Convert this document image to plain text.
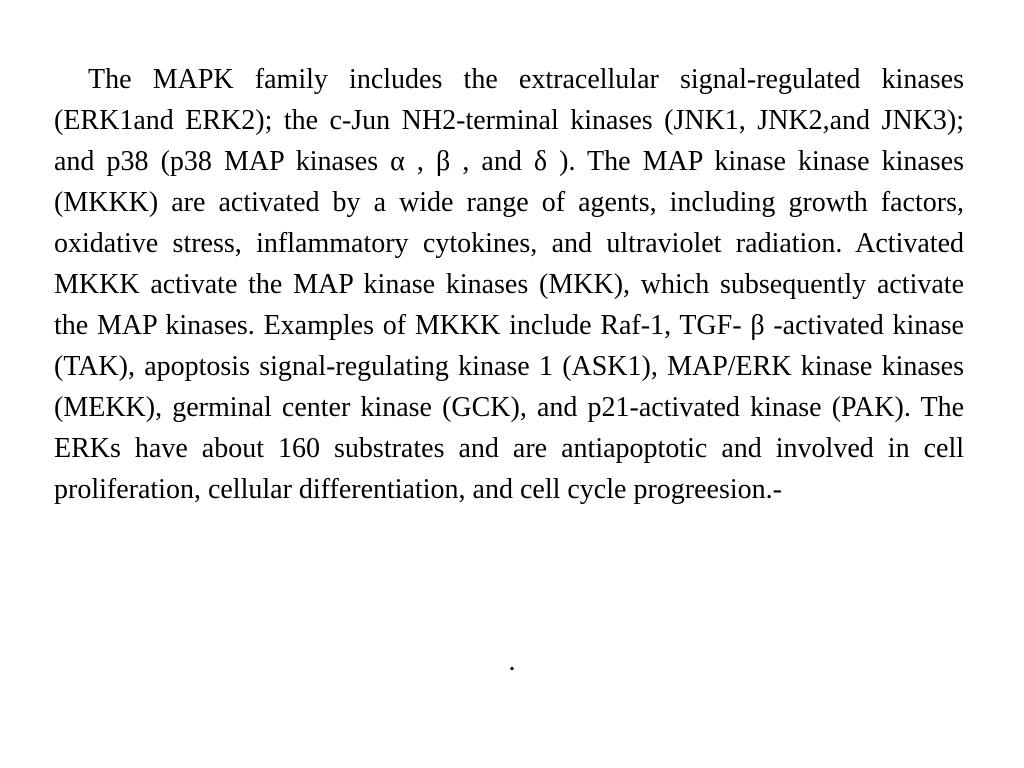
The MAPK family includes the extracellular signal-regulated kinases (ERK1and ERK2); the c-Jun NH2-terminal kinases (JNK1, JNK2,and JNK3); and p38 (p38 MAP kinases α , β , and δ ). The MAP kinase kinase kinases (MKKK) are activated by a wide range of agents, including growth factors, oxidative stress, inflammatory cytokines, and ultraviolet radiation. Activated MKKK activate the MAP kinase kinases (MKK), which subsequently activate the MAP kinases. Examples of MKKK include Raf-1, TGF- β -activated kinase (TAK), apoptosis signal-regulating kinase 1 (ASK1), MAP/ERK kinase kinases (MEKK), germinal center kinase (GCK), and p21-activated kinase (PAK). The ERKs have about 160 substrates and are antiapoptotic and involved in cell proliferation, cellular differentiation, and cell cycle progreesion.-

.
